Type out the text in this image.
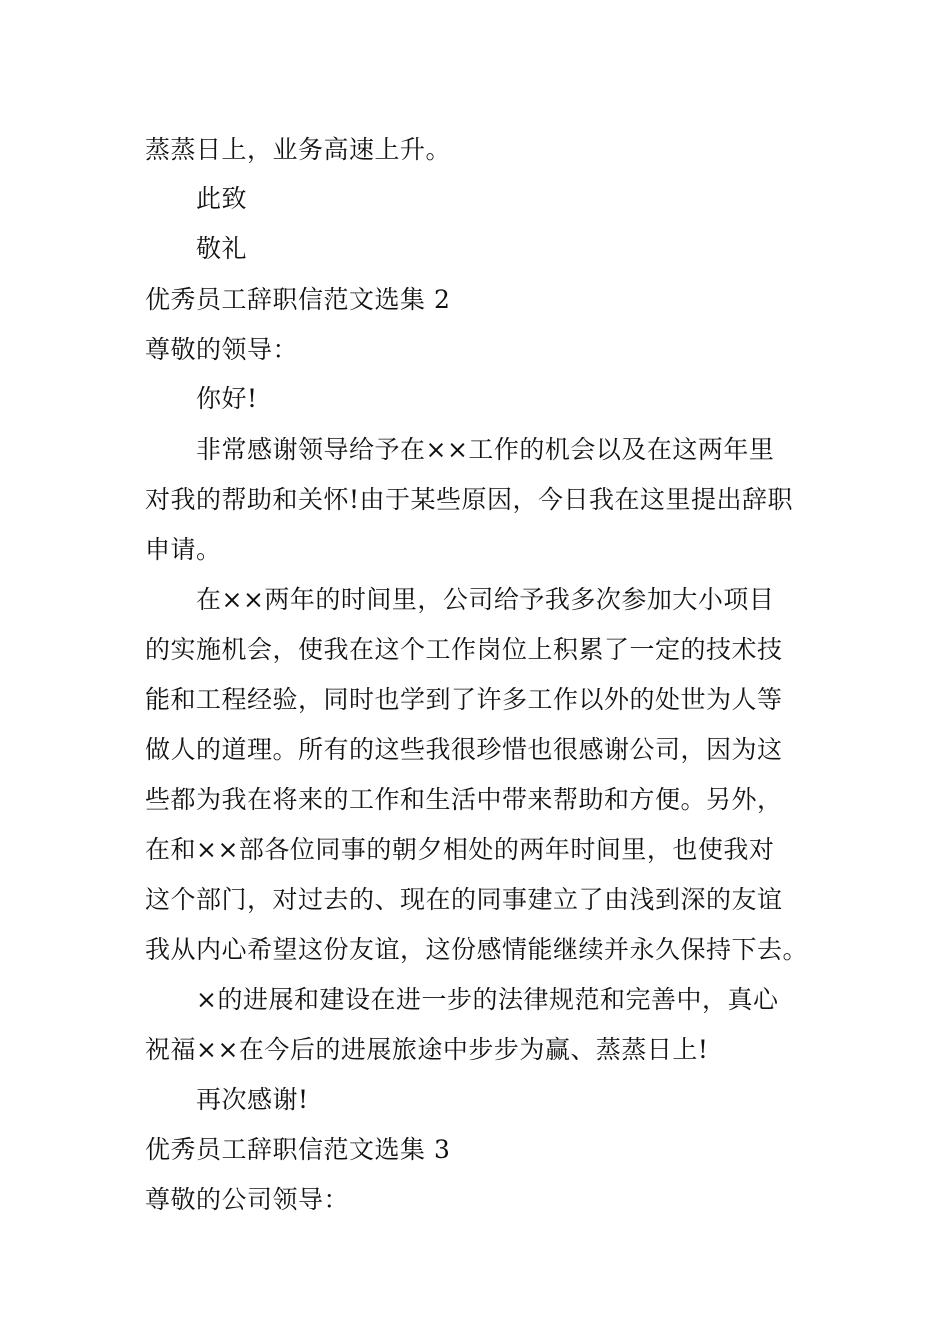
蒸蒸日上，业务高速上升。
此致
敬礼
优秀员工辞职信范文选集 2
尊敬的领导：
你好!
非常感谢领导给予在××工作的机会以及在这两年里
对我的帮助和关怀!由于某些原因，今日我在这里提出辞职
申请。
在××两年的时间里，公司给予我多次参加大小项目
的实施机会，使我在这个工作岗位上积累了一定的技术技
能和工程经验，同时也学到了许多工作以外的处世为人等
做人的道理。所有的这些我很珍惜也很感谢公司，因为这
些都为我在将来的工作和生活中带来帮助和方便。另外，
在和××部各位同事的朝夕相处的两年时间里，也使我对
这个部门，对过去的、现在的同事建立了由浅到深的友谊
我从内心希望这份友谊，这份感情能继续并永久保持下去。
×的进展和建设在进一步的法律规范和完善中，真心
祝福××在今后的进展旅途中步步为赢、蒸蒸日上!
再次感谢!
优秀员工辞职信范文选集 3
尊敬的公司领导：
